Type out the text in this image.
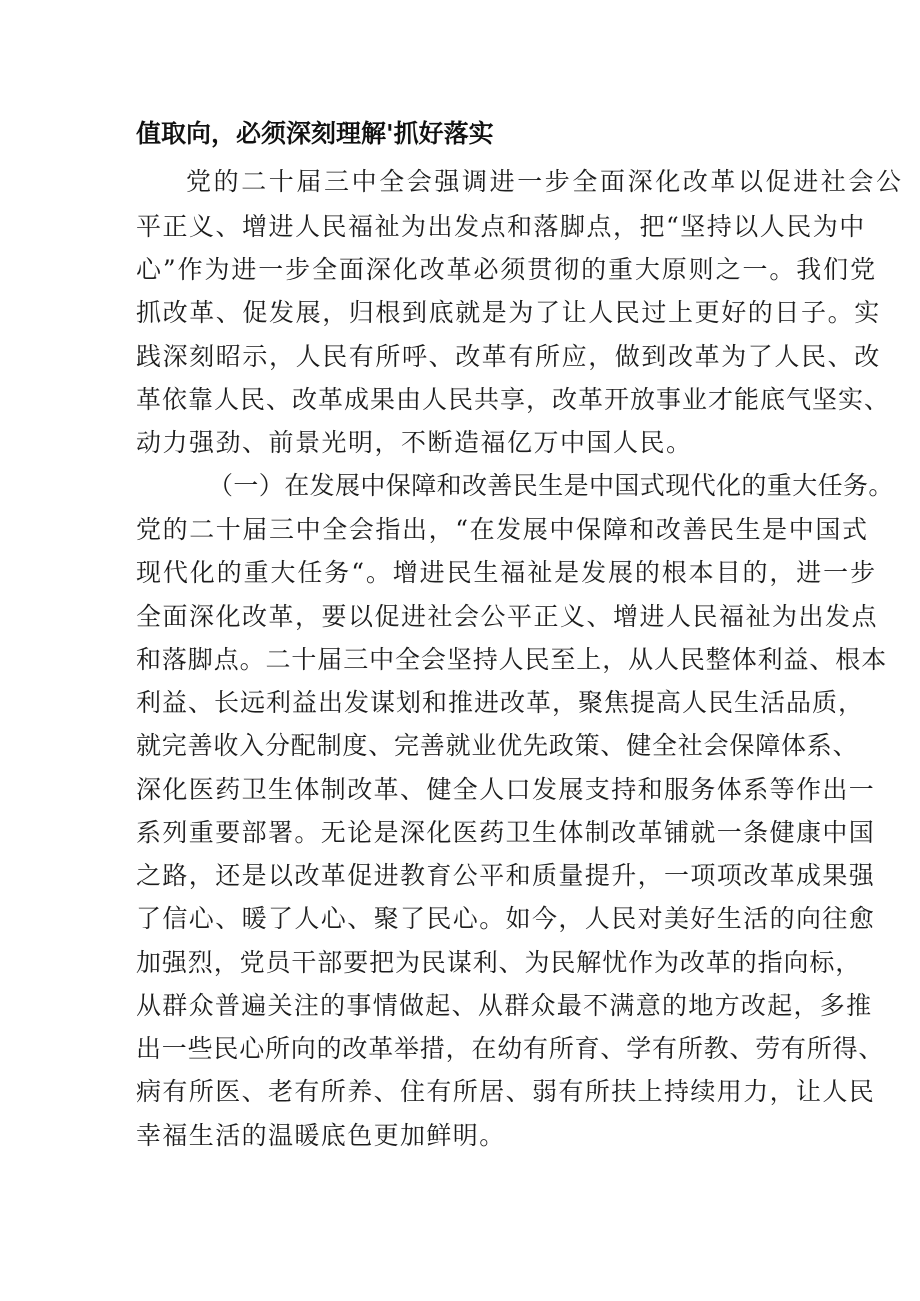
值取向，必须深刻理解'抓好落实
党的二十届三中全会强调进一步全面深化改革以促进社会公
平正义、增进人民福祉为出发点和落脚点，把“坚持以人民为中
心”作为进一步全面深化改革必须贯彻的重大原则之一。我们党
抓改革、促发展，归根到底就是为了让人民过上更好的日子。实
践深刻昭示，人民有所呼、改革有所应，做到改革为了人民、改
革依靠人民、改革成果由人民共享，改革开放事业才能底气坚实、
动力强劲、前景光明，不断造福亿万中国人民。
（一）在发展中保障和改善民生是中国式现代化的重大任务。
党的二十届三中全会指出，“在发展中保障和改善民生是中国式
现代化的重大任务“。增进民生福祉是发展的根本目的，进一步
全面深化改革，要以促进社会公平正义、增进人民福祉为出发点
和落脚点。二十届三中全会坚持人民至上，从人民整体利益、根本
利益、长远利益出发谋划和推进改革，聚焦提高人民生活品质，
就完善收入分配制度、完善就业优先政策、健全社会保障体系、
深化医药卫生体制改革、健全人口发展支持和服务体系等作出一
系列重要部署。无论是深化医药卫生体制改革铺就一条健康中国
之路，还是以改革促进教育公平和质量提升，一项项改革成果强
了信心、暖了人心、聚了民心。如今，人民对美好生活的向往愈
加强烈，党员干部要把为民谋利、为民解忧作为改革的指向标，
从群众普遍关注的事情做起、从群众最不满意的地方改起，多推
出一些民心所向的改革举措，在幼有所育、学有所教、劳有所得、
病有所医、老有所养、住有所居、弱有所扶上持续用力，让人民
幸福生活的温暖底色更加鲜明。
